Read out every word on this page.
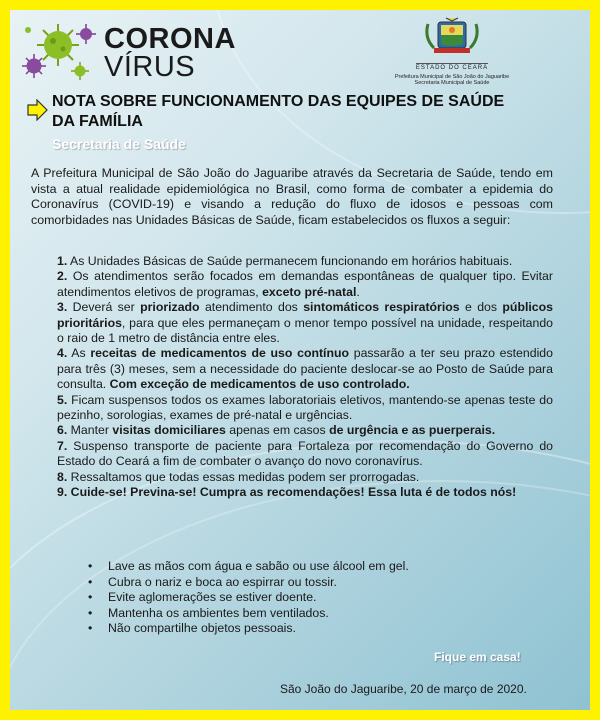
CORONA
VÍRUS	ESTADO DO CEARÁ
Prefeitura Municipal de São João do Jaguaribe
Secretaria Municipal de Saúde
NOTA SOBRE FUNCIONAMENTO DAS EQUIPES DE SAÚDE DA FAMÍLIA
Secretaria de Saúde

A Prefeitura Municipal de São João do Jaguaribe através da Secretaria de Saúde, tendo em vista a atual realidade epidemiológica no Brasil, como forma de combater a epidemia do Coronavírus (COVID-19) e visando a redução do fluxo de idosos e pessoas com comorbidades nas Unidades Básicas de Saúde, ficam estabelecidos os fluxos a seguir:

1. As Unidades Básicas de Saúde permanecem funcionando em horários habituais.

2. Os atendimentos serão focados em demandas espontâneas de qualquer tipo. Evitar atendimentos eletivos de programas, exceto pré-natal.

3. Deverá ser priorizado atendimento dos sintomáticos respiratórios e dos públicos prioritários, para que eles permaneçam o menor tempo possível na unidade, respeitando o raio de 1 metro de distância entre eles.

4. As receitas de medicamentos de uso contínuo passarão a ter seu prazo estendido para três (3) meses, sem a necessidade do paciente deslocar-se ao Posto de Saúde para consulta. Com exceção de medicamentos de uso controlado.

5. Ficam suspensos todos os exames laboratoriais eletivos, mantendo-se apenas teste do pezinho, sorologias, exames de pré-natal e urgências.

6. Manter visitas domiciliares apenas em casos de urgência e as puerperais.

7. Suspenso transporte de paciente para Fortaleza por recomendação do Governo do Estado do Ceará a fim de combater o avanço do novo coronavírus.

8. Ressaltamos que todas essas medidas podem ser prorrogadas.

9. Cuide-se! Previna-se! Cumpra as recomendações! Essa luta é de todos nós!

• Lave as mãos com água e sabão ou use álcool em gel.
• Cubra o nariz e boca ao espirrar ou tossir.
• Evite aglomerações se estiver doente.
• Mantenha os ambientes bem ventilados.
• Não compartilhe objetos pessoais.
Fique em casa!
São João do Jaguaribe, 20 de março de 2020.
